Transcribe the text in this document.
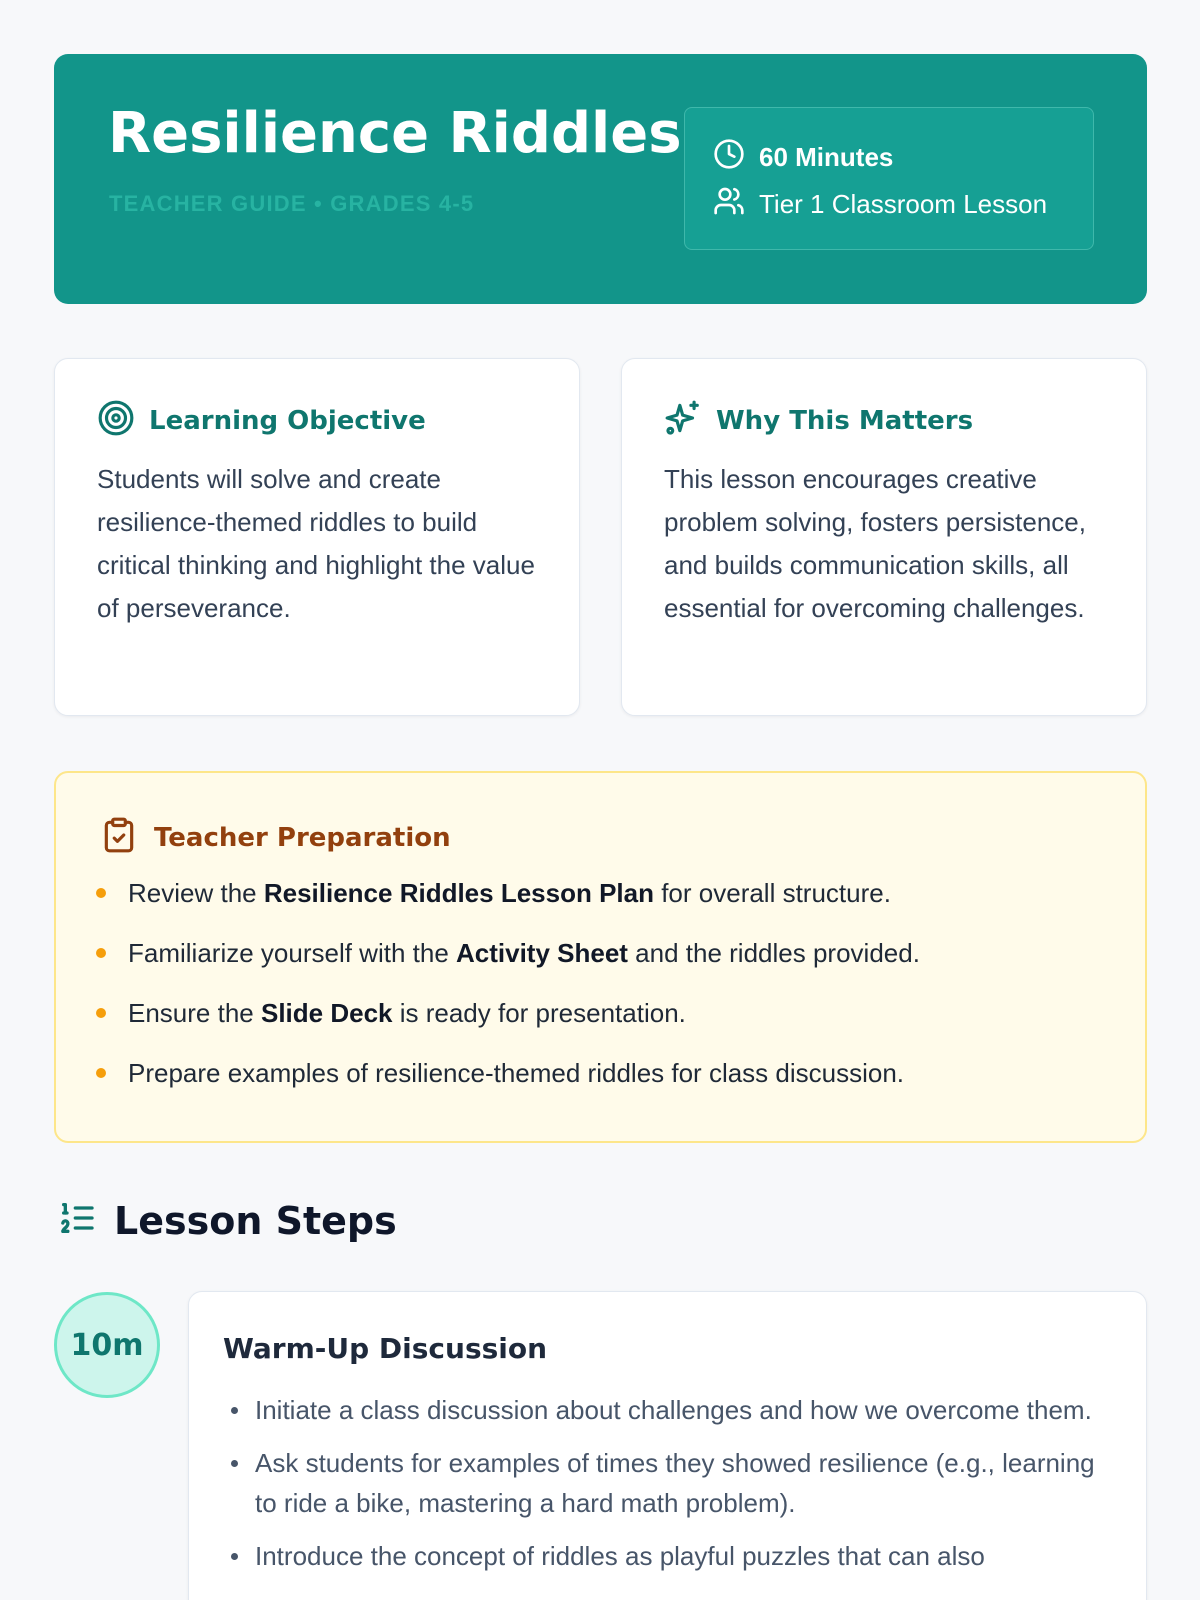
Resilience Riddles
TEACHER GUIDE • GRADES 4-5
60 Minutes
Tier 1 Classroom Lesson
Learning Objective
Students will solve and create resilience-themed riddles to build critical thinking and highlight the value of perseverance.
Why This Matters
This lesson encourages creative problem solving, fosters persistence, and builds communication skills, all essential for overcoming challenges.
Teacher Preparation
Review the Resilience Riddles Lesson Plan for overall structure.
Familiarize yourself with the Activity Sheet and the riddles provided.
Ensure the Slide Deck is ready for presentation.
Prepare examples of resilience-themed riddles for class discussion.
Lesson Steps
10m	Warm-Up Discussion
Initiate a class discussion about challenges and how we overcome them.
Ask students for examples of times they showed resilience (e.g., learning to ride a bike, mastering a hard math problem).
Introduce the concept of riddles as playful puzzles that can also
